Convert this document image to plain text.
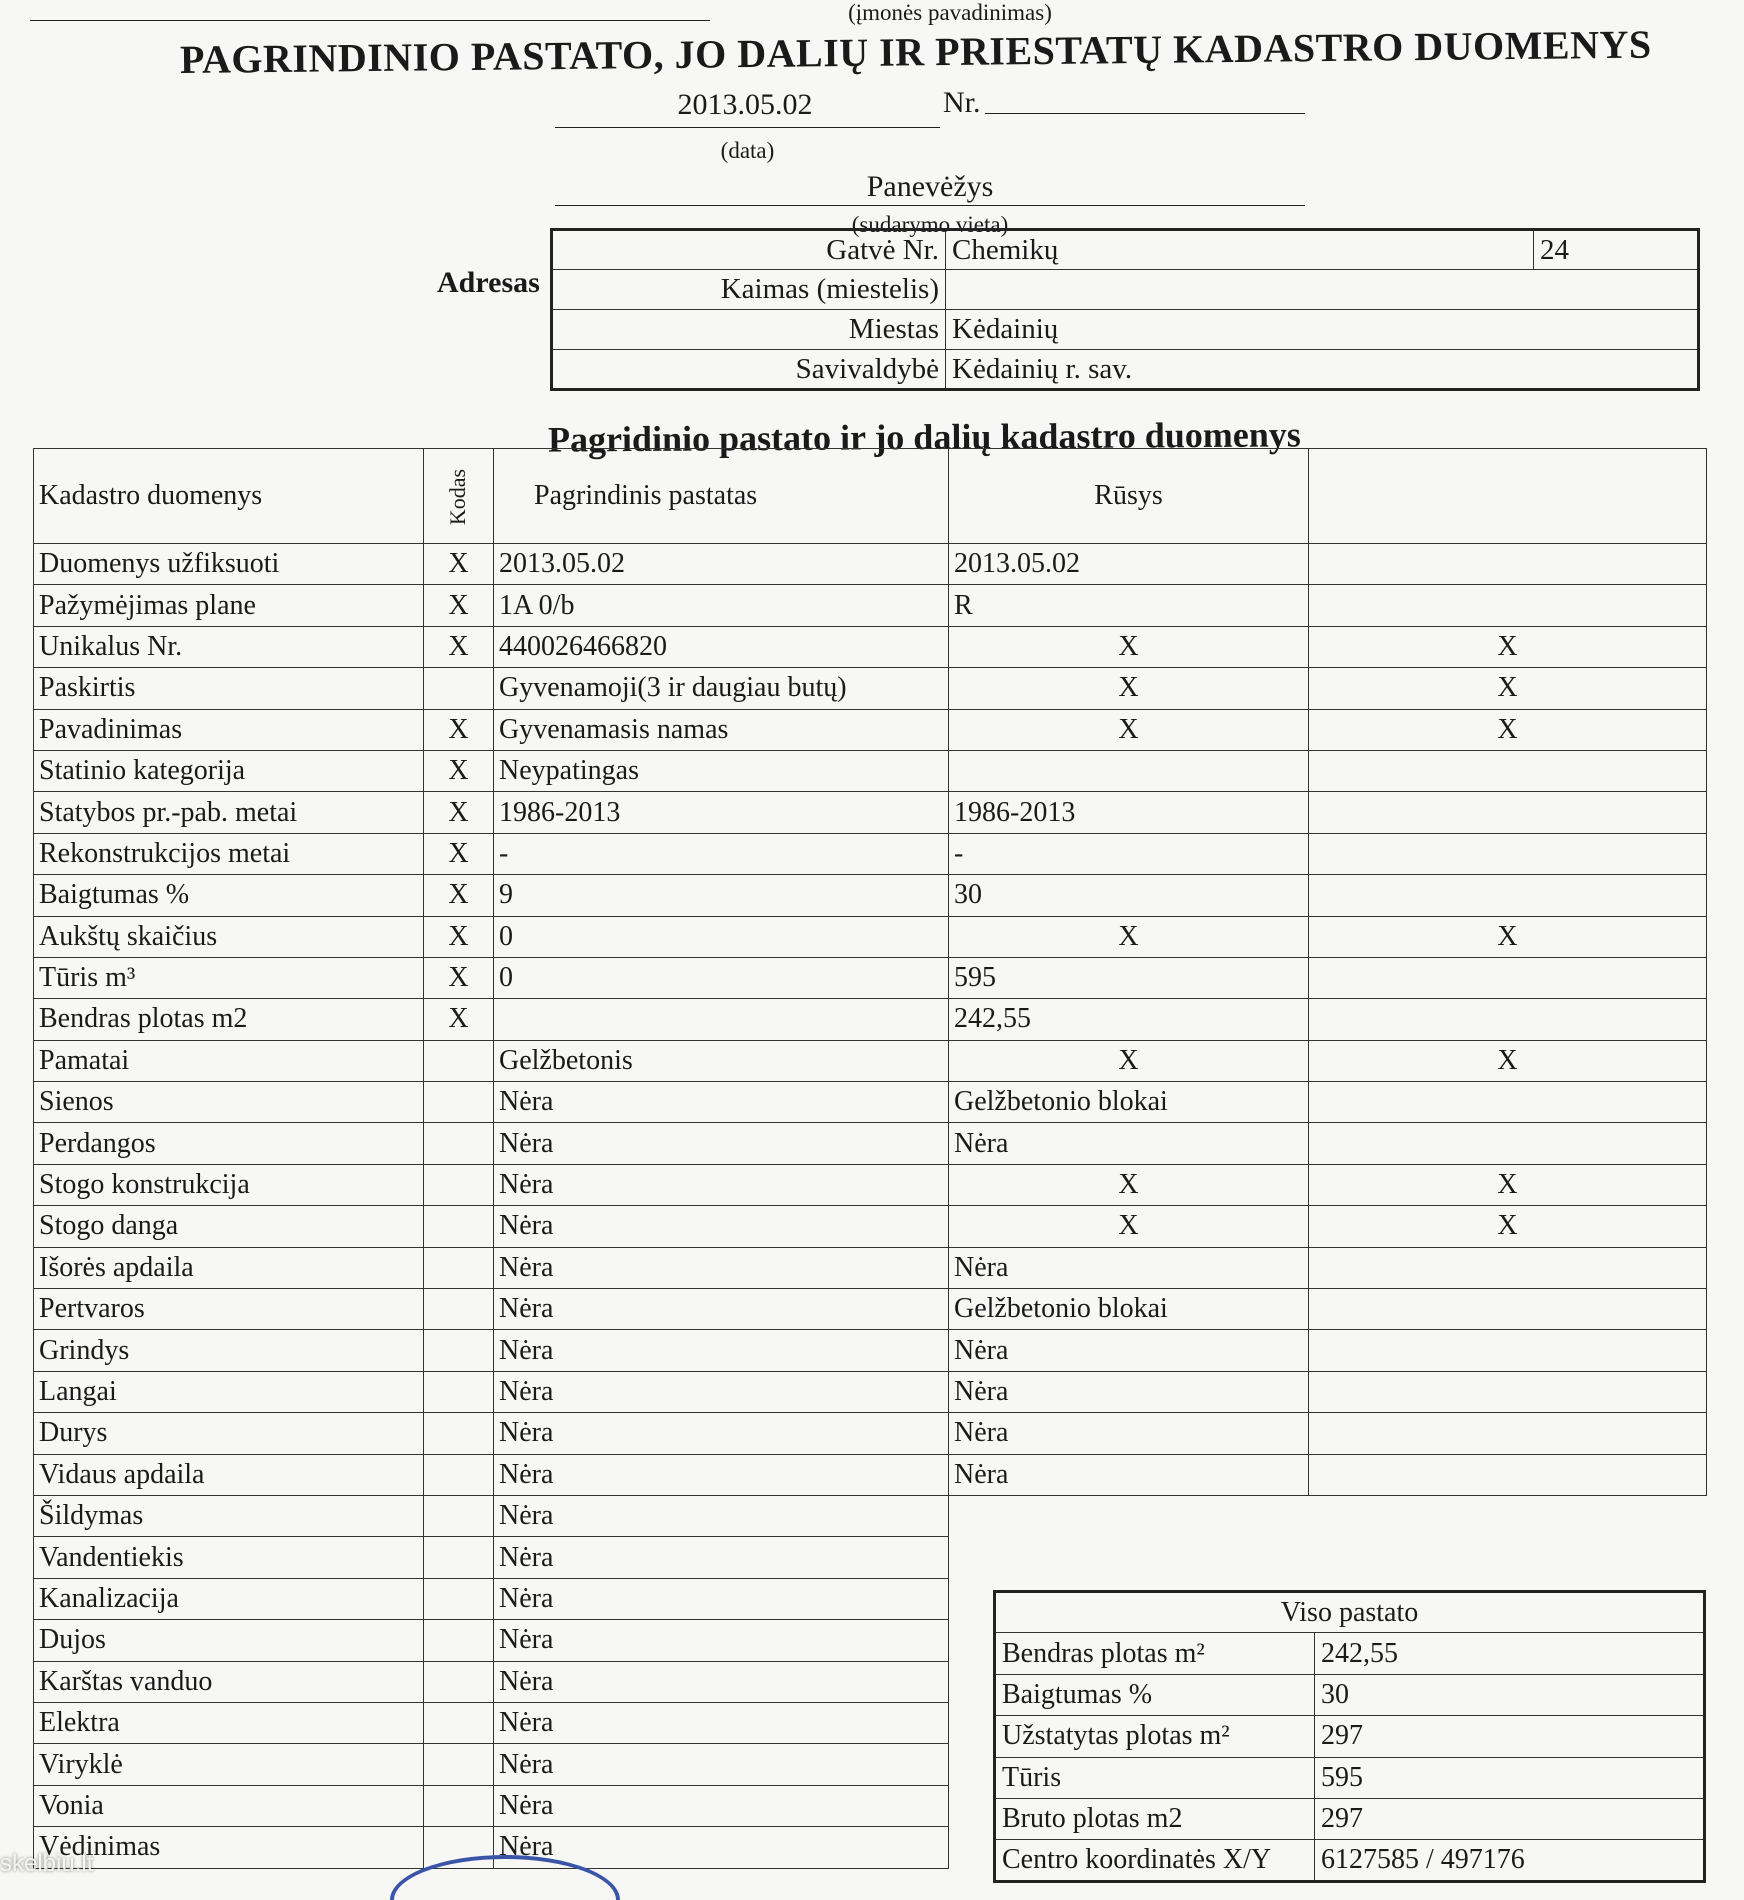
(įmonės pavadinimas)
PAGRINDINIO PASTATO, JO DALIŲ IR PRIESTATŲ KADASTRO DUOMENYS
2013.05.02	Nr.
(data)
Panevėžys
(sudarymo vieta)
Adresas
Gatvė Nr.	Chemikų	24
Kaimas (miestelis)		
Miestas	Kėdainių	
Savivaldybė	Kėdainių r. sav.	
Pagridinio pastato ir jo dalių kadastro duomenys
Kadastro duomenys	Kodas	Pagrindinis pastatas	Rūsys	
Duomenys užfiksuoti	X	2013.05.02	2013.05.02	
Pažymėjimas plane	X	1A 0/b	R	
Unikalus Nr.	X	440026466820	X	X
Paskirtis		Gyvenamoji(3 ir daugiau butų)	X	X
Pavadinimas	X	Gyvenamasis namas	X	X
Statinio kategorija	X	Neypatingas		
Statybos pr.-pab. metai	X	1986-2013	1986-2013	
Rekonstrukcijos metai	X	-	-	
Baigtumas %	X	9	30	
Aukštų skaičius	X	0	X	X
Tūris m³	X	0	595	
Bendras plotas m2	X		242,55	
Pamatai		Gelžbetonis	X	X
Sienos		Nėra	Gelžbetonio blokai	
Perdangos		Nėra	Nėra	
Stogo konstrukcija		Nėra	X	X
Stogo danga		Nėra	X	X
Išorės apdaila		Nėra	Nėra	
Pertvaros		Nėra	Gelžbetonio blokai	
Grindys		Nėra	Nėra	
Langai		Nėra	Nėra	
Durys		Nėra	Nėra	
Vidaus apdaila		Nėra	Nėra	
Šildymas		Nėra		
Vandentiekis		Nėra		
Kanalizacija		Nėra		
Dujos		Nėra		
Karštas vanduo		Nėra		
Elektra		Nėra		
Viryklė		Nėra		
Vonia		Nėra		
Vėdinimas		Nėra		
Viso pastato	
Bendras plotas m²	242,55
Baigtumas %	30
Užstatytas plotas m²	297
Tūris	595
Bruto plotas m2	297
Centro koordinatės X/Y	6127585 / 497176
skelbiu.lt
